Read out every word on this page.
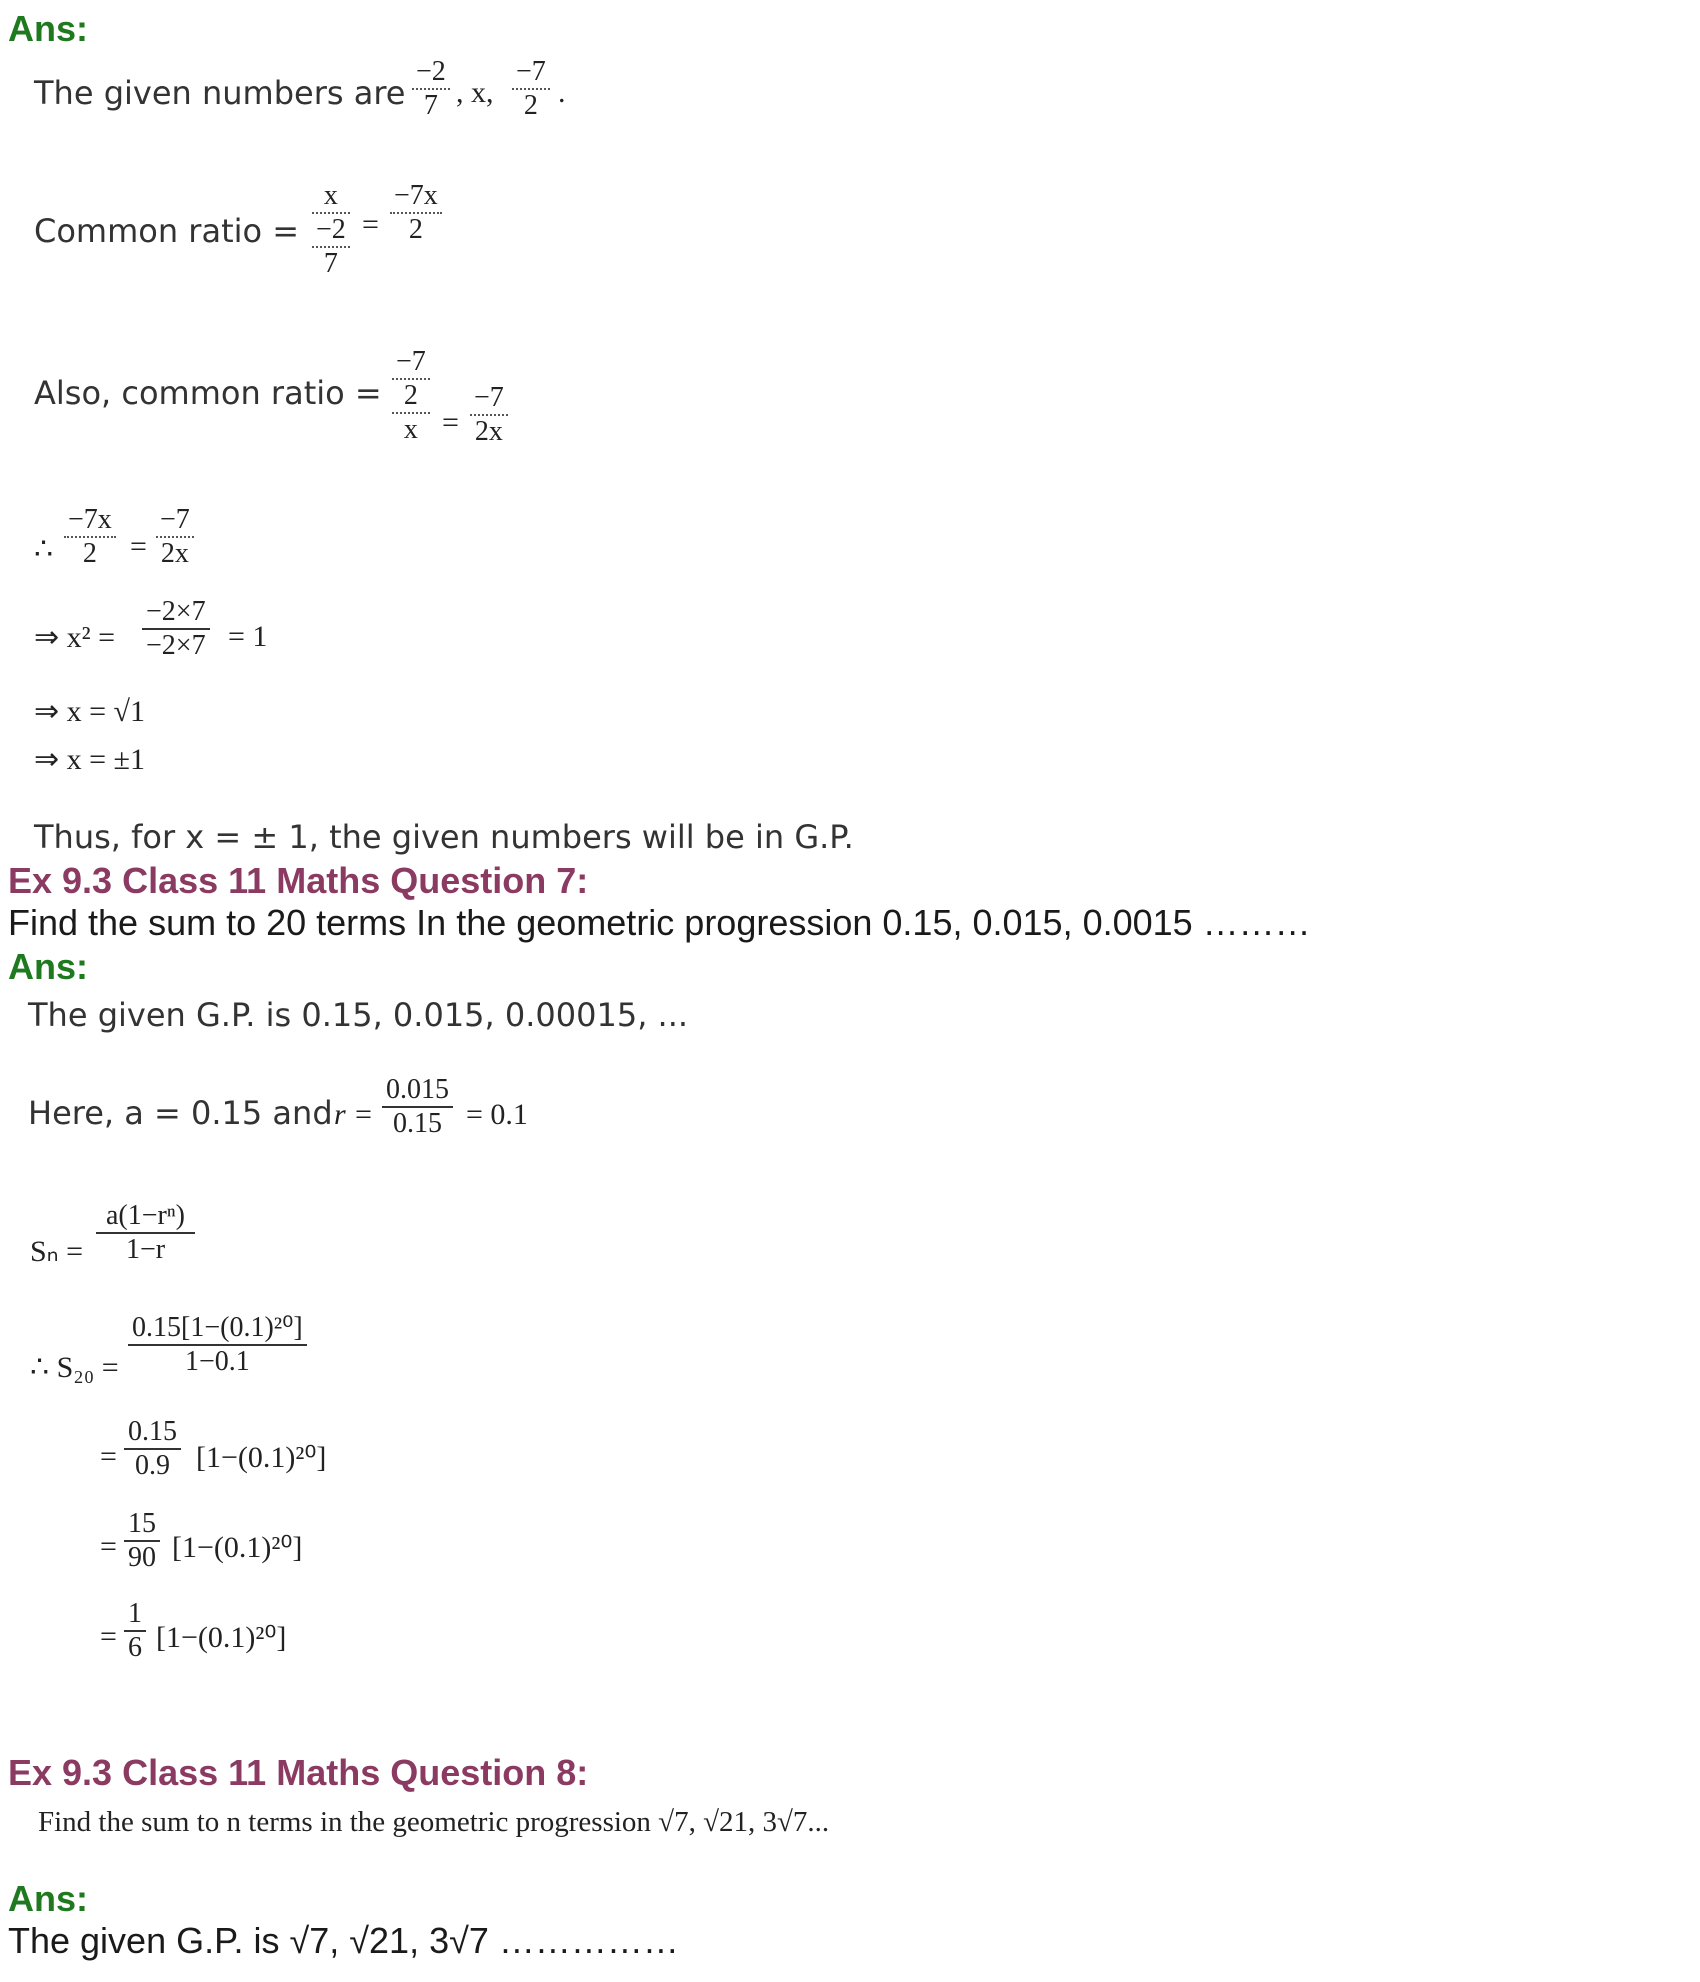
Ans:
The given numbers are $\frac{-2}{7}$ , x, $\frac{-7}{2}$ .
Common ratio =
x
−2
7
= $\frac{-7x}{2}$
Also, common ratio =
−7
2
$x = \frac{-7}{2x}$
∴ $\frac{-7x}{2} = \frac{-7}{2x}$
⇒ $x^2 = \frac{-2\times 7}{-2\times 7} = 1$
⇒ x = √1
⇒ x = ±1
Thus, for x = ± 1, the given numbers will be in G.P.
Ex 9.3 Class 11 Maths Question 7:
Find the sum to 20 terms In the geometric progression 0.15, 0.015, 0.0015 ………
Ans:
The given G.P. is 0.15, 0.015, 0.00015, ...
Here, a = 0.15 and $r = \frac{0.015}{0.15} = 0.1$
$S_n = \frac{\text{a(1−rⁿ)}}{1-r}$
∴ $S_{20} = \frac{\text{0.15[1−(0.1)²⁰]}}{1-0.1}$
= $\frac{0.15}{0.9} [1-(0.1)^{20}]$
= $\frac{15}{90} [1-(0.1)^{20}]$
= $\frac{1}{6} [1-(0.1)^{20}]$
Ex 9.3 Class 11 Maths Question 8:
Find the sum to n terms in the geometric progression √7, √21, 3√7...
Ans:
The given G.P. is √7, √21, 3√7 ……………
